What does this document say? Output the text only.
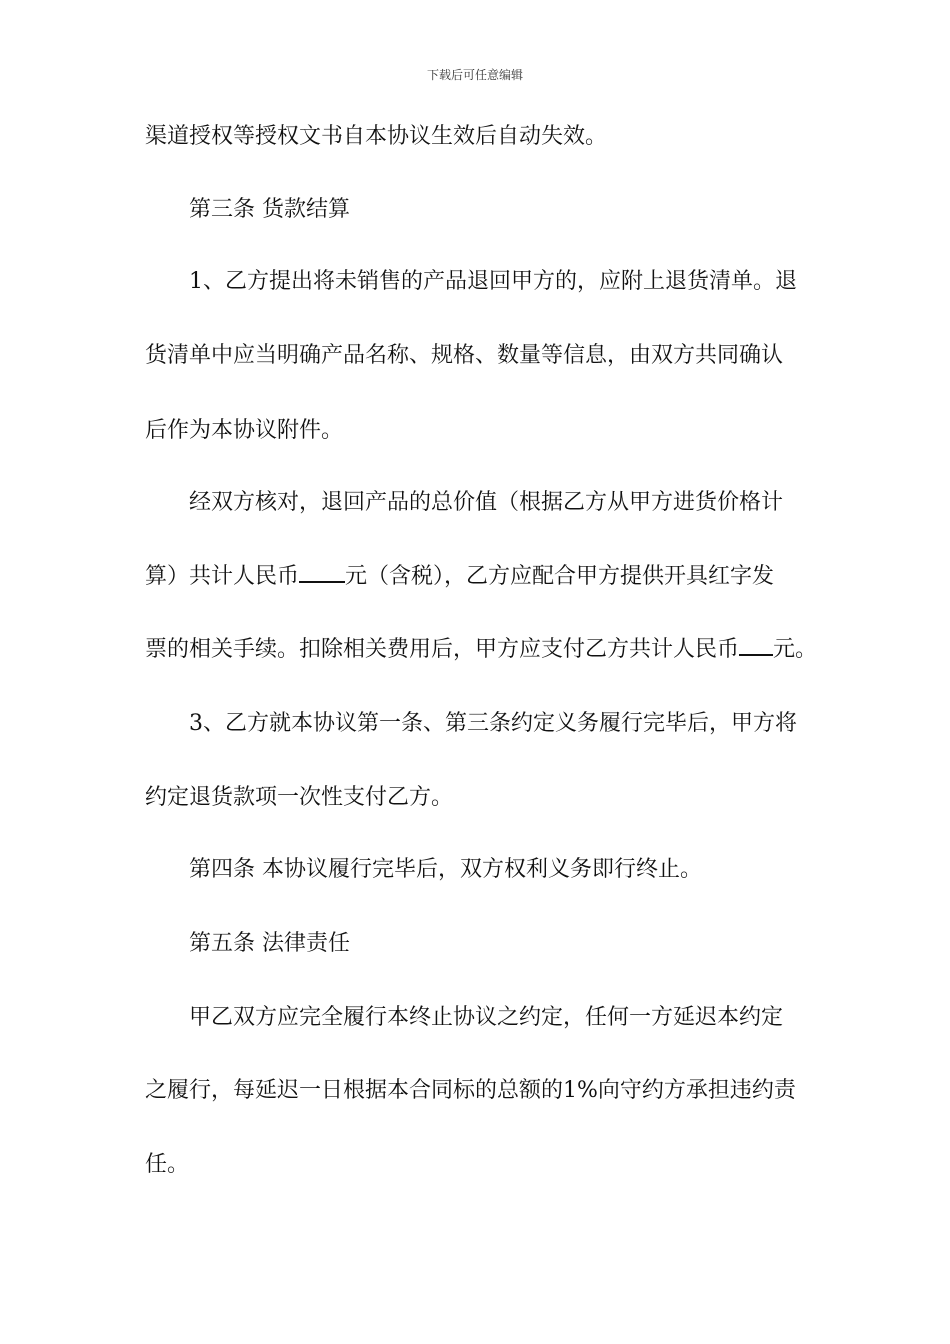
下载后可任意编辑
渠道授权等授权文书自本协议生效后自动失效。
第三条 货款结算
1、乙方提出将未销售的产品退回甲方的，应附上退货清单。退
货清单中应当明确产品名称、规格、数量等信息，由双方共同确认
后作为本协议附件。
经双方核对，退回产品的总价值（根据乙方从甲方进货价格计
算）共计人民币 元（含税），乙方应配合甲方提供开具红字发
票的相关手续。扣除相关费用后，甲方应支付乙方共计人民币 元。
3、乙方就本协议第一条、第三条约定义务履行完毕后，甲方将
约定退货款项一次性支付乙方。
第四条 本协议履行完毕后，双方权利义务即行终止。
第五条 法律责任
甲乙双方应完全履行本终止协议之约定，任何一方延迟本约定
之履行，每延迟一日根据本合同标的总额的1%向守约方承担违约责
任。
